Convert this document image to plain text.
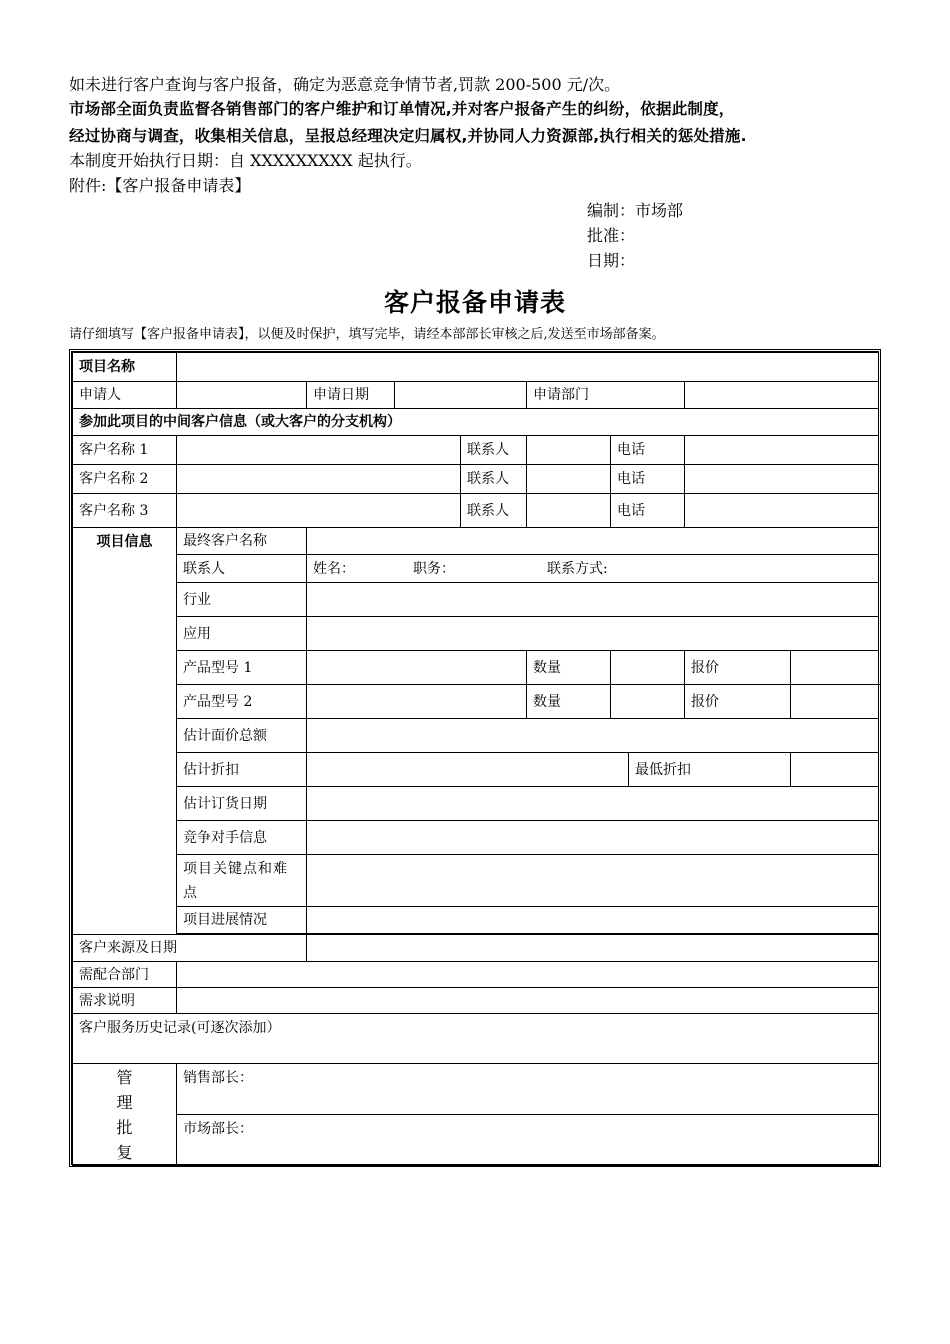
如未进行客户查询与客户报备，确定为恶意竞争情节者,罚款 200-500 元/次。
市场部全面负责监督各销售部门的客户维护和订单情况,并对客户报备产生的纠纷，依据此制度，
经过协商与调查，收集相关信息，呈报总经理决定归属权,并协同人力资源部,执行相关的惩处措施.
本制度开始执行日期：自 XXXXXXXXX 起执行。
附件:【客户报备申请表】
编制：市场部
批准：
日期：
客户报备申请表
请仔细填写【客户报备申请表】，以便及时保护，填写完毕，请经本部部长审核之后,发送至市场部备案。
项目名称									
申请人		申请日期			申请部门				
参加此项目的中间客户信息（或大客户的分支机构）									
客户名称 1				联系人		电话			
客户名称 2				联系人		电话			
客户名称 3				联系人		电话			
项目信息	最终客户名称								
	联系人	姓名： 职务： 联系方式:							
	行业								
	应用								
	产品型号 1				数量			报价	
	产品型号 2				数量			报价	
	估计面价总额								
	估计折扣						最低折扣		
	估计订货日期								
	竞争对手信息								
	项目关键点和难点								
	项目进展情况								

客户来源及日期									
需配合部门									
需求说明									
客户服务历史记录(可逐次添加）									

管
理
批
复	销售部长：								
	市场部长：								
